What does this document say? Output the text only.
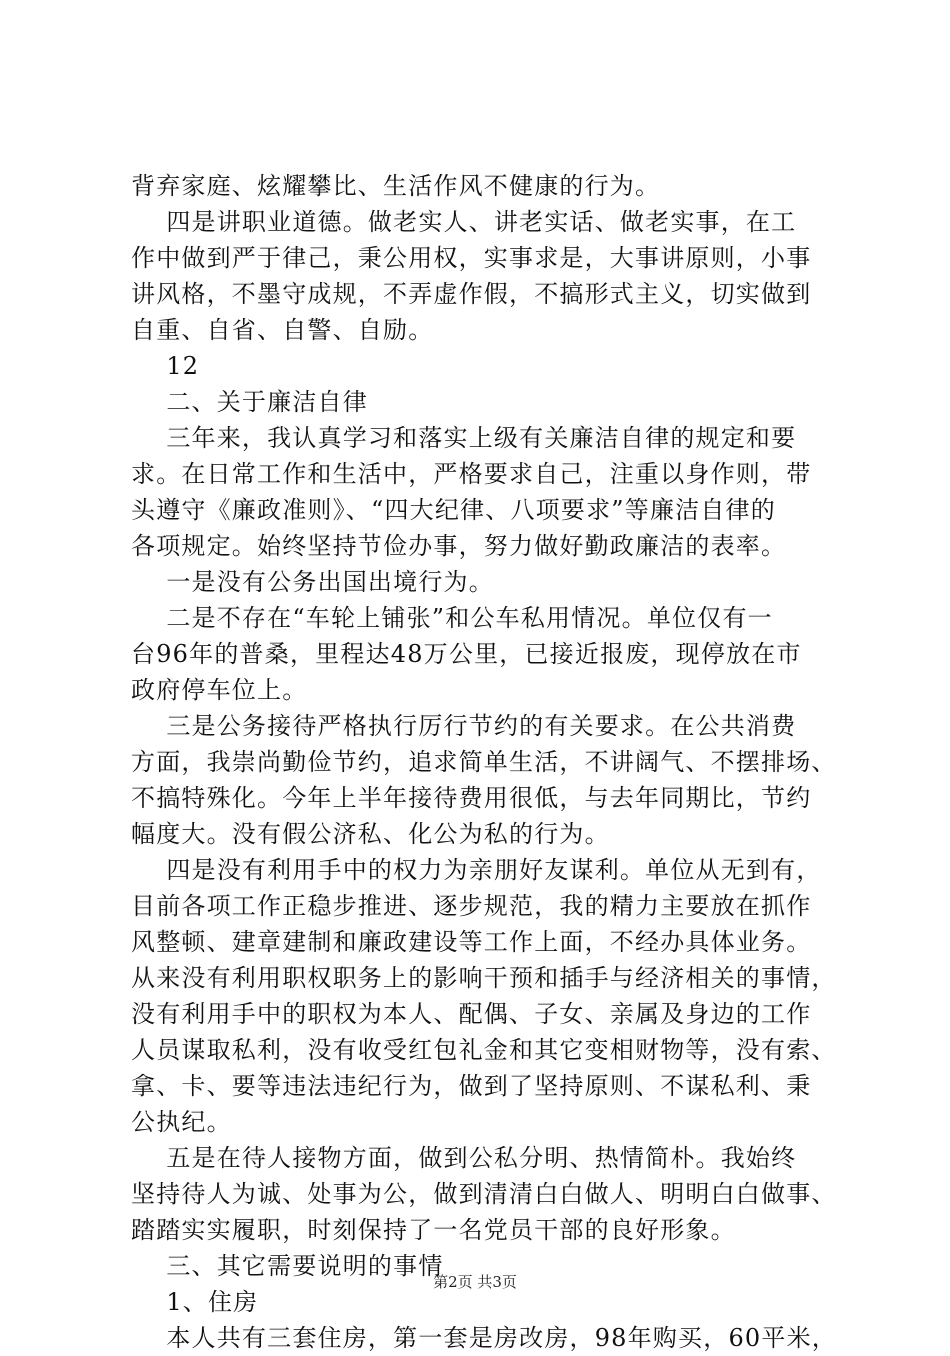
背弃家庭、炫耀攀比、生活作风不健康的行为。
四是讲职业道德。做老实人、讲老实话、做老实事，在工
作中做到严于律己，秉公用权，实事求是，大事讲原则，小事
讲风格，不墨守成规，不弄虚作假，不搞形式主义，切实做到
自重、自省、自警、自励。
12
二、关于廉洁自律
三年来，我认真学习和落实上级有关廉洁自律的规定和要
求。在日常工作和生活中，严格要求自己，注重以身作则，带
头遵守《廉政准则》、“四大纪律、八项要求”等廉洁自律的
各项规定。始终坚持节俭办事，努力做好勤政廉洁的表率。
一是没有公务出国出境行为。
二是不存在“车轮上铺张”和公车私用情况。单位仅有一
台96年的普桑，里程达48万公里，已接近报废，现停放在市
政府停车位上。
三是公务接待严格执行厉行节约的有关要求。在公共消费
方面，我崇尚勤俭节约，追求简单生活，不讲阔气、不摆排场、
不搞特殊化。今年上半年接待费用很低，与去年同期比，节约
幅度大。没有假公济私、化公为私的行为。
四是没有利用手中的权力为亲朋好友谋利。单位从无到有，
目前各项工作正稳步推进、逐步规范，我的精力主要放在抓作
风整顿、建章建制和廉政建设等工作上面，不经办具体业务。
从来没有利用职权职务上的影响干预和插手与经济相关的事情，
没有利用手中的职权为本人、配偶、子女、亲属及身边的工作
人员谋取私利，没有收受红包礼金和其它变相财物等，没有索、
拿、卡、要等违法违纪行为，做到了坚持原则、不谋私利、秉
公执纪。
五是在待人接物方面，做到公私分明、热情简朴。我始终
坚持待人为诚、处事为公，做到清清白白做人、明明白白做事、
踏踏实实履职，时刻保持了一名党员干部的良好形象。
三、其它需要说明的事情
1、住房
本人共有三套住房，第一套是房改房，98年购买，60平米，
第2页 共3页
